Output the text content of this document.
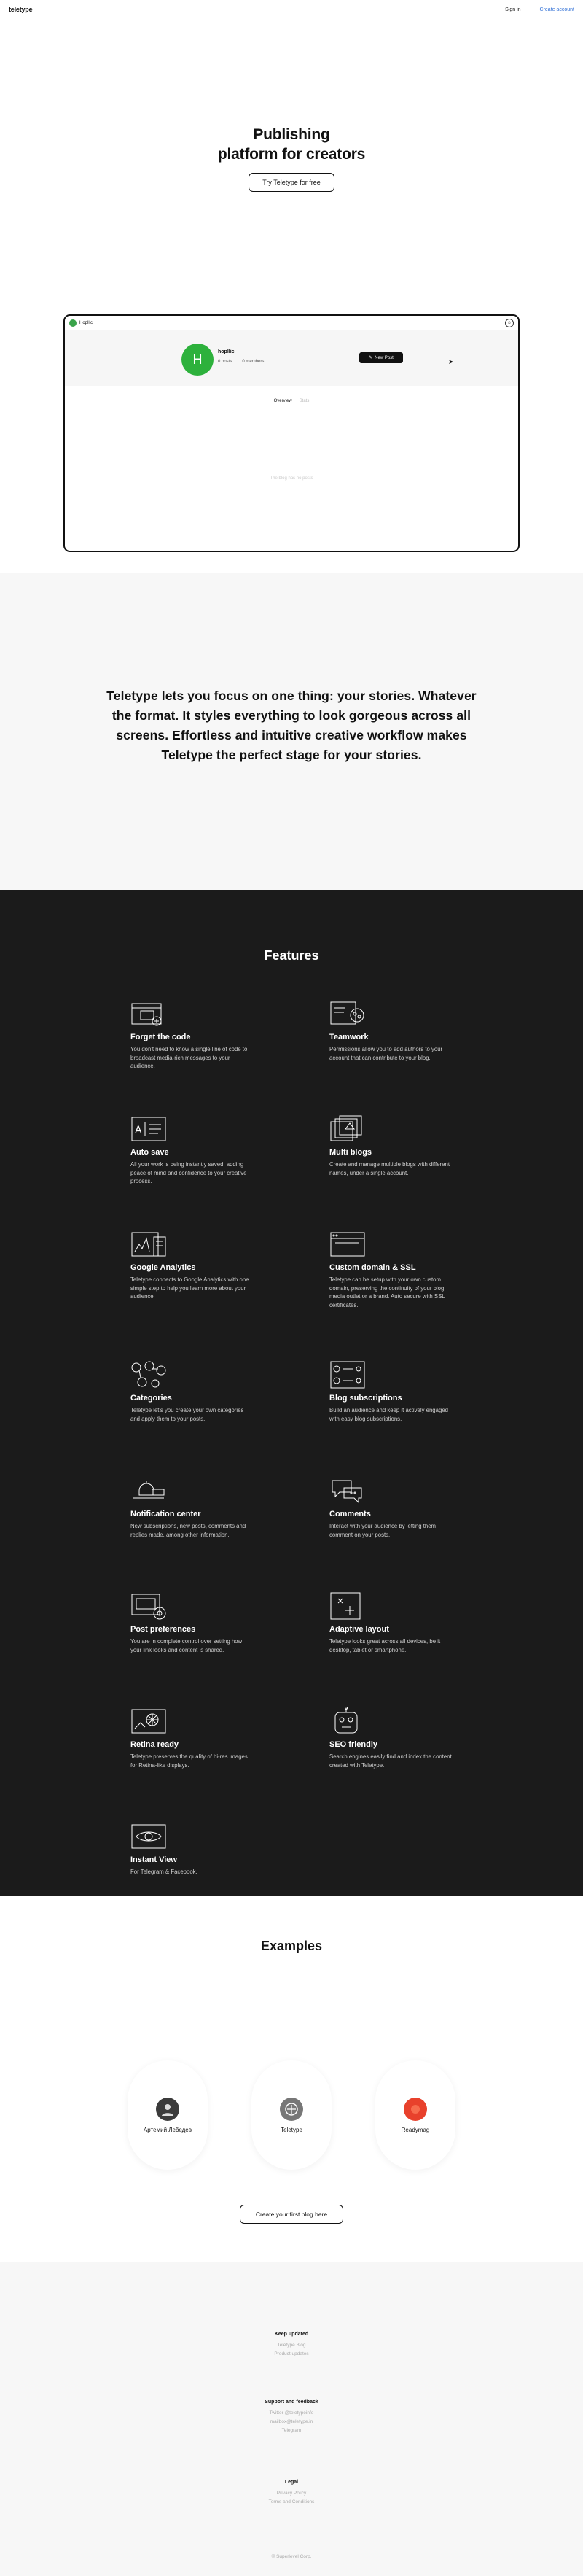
teletype	Sign in	Create account
Publishing
platform for creators
Try Teletype for free
Hopllic	☺
H	hopllic
0 posts 0 members
✎ New Post
➤
Overview Stats
The blog has no posts
Teletype lets you focus on one thing: your stories. Whatever the format. It styles everything to look gorgeous across all screens. Effortless and intuitive creative workflow makes Teletype the perfect stage for your stories.
Features
Forget the code
You don't need to know a single line of code to broadcast media-rich messages to your audience.
Teamwork
Permissions allow you to add authors to your account that can contribute to your blog.
A
Auto save
All your work is being instantly saved, adding peace of mind and confidence to your creative process.
Multi blogs
Create and manage multiple blogs with different names, under a single account.
Google Analytics
Teletype connects to Google Analytics with one simple step to help you learn more about your audience
Custom domain & SSL
Teletype can be setup with your own custom domain, preserving the continuity of your blog, media outlet or a brand. Auto secure with SSL certificates.
Categories
Teletype let's you create your own categories and apply them to your posts.
Blog subscriptions
Build an audience and keep it actively engaged with easy blog subscriptions.
Notification center
New subscriptions, new posts, comments and replies made, among other information.
Comments
Interact with your audience by letting them comment on your posts.
Post preferences
You are in complete control over setting how your link looks and content is shared.
Adaptive layout
Teletype looks great across all devices, be it desktop, tablet or smartphone.
Retina ready
Teletype preserves the quality of hi-res images for Retina-like displays.
SEO friendly
Search engines easily find and index the content created with Teletype.
Instant View
For Telegram & Facebook.
Examples
Артемий Лебедев	Teletype	Readymag
Create your first blog here
Keep updated
Teletype Blog
Product updates
Support and feedback
Twitter @teletypeinfo
mailbox@teletype.in
Telegram
Legal
Privacy Policy
Terms and Conditions
© Superlevel Corp.
